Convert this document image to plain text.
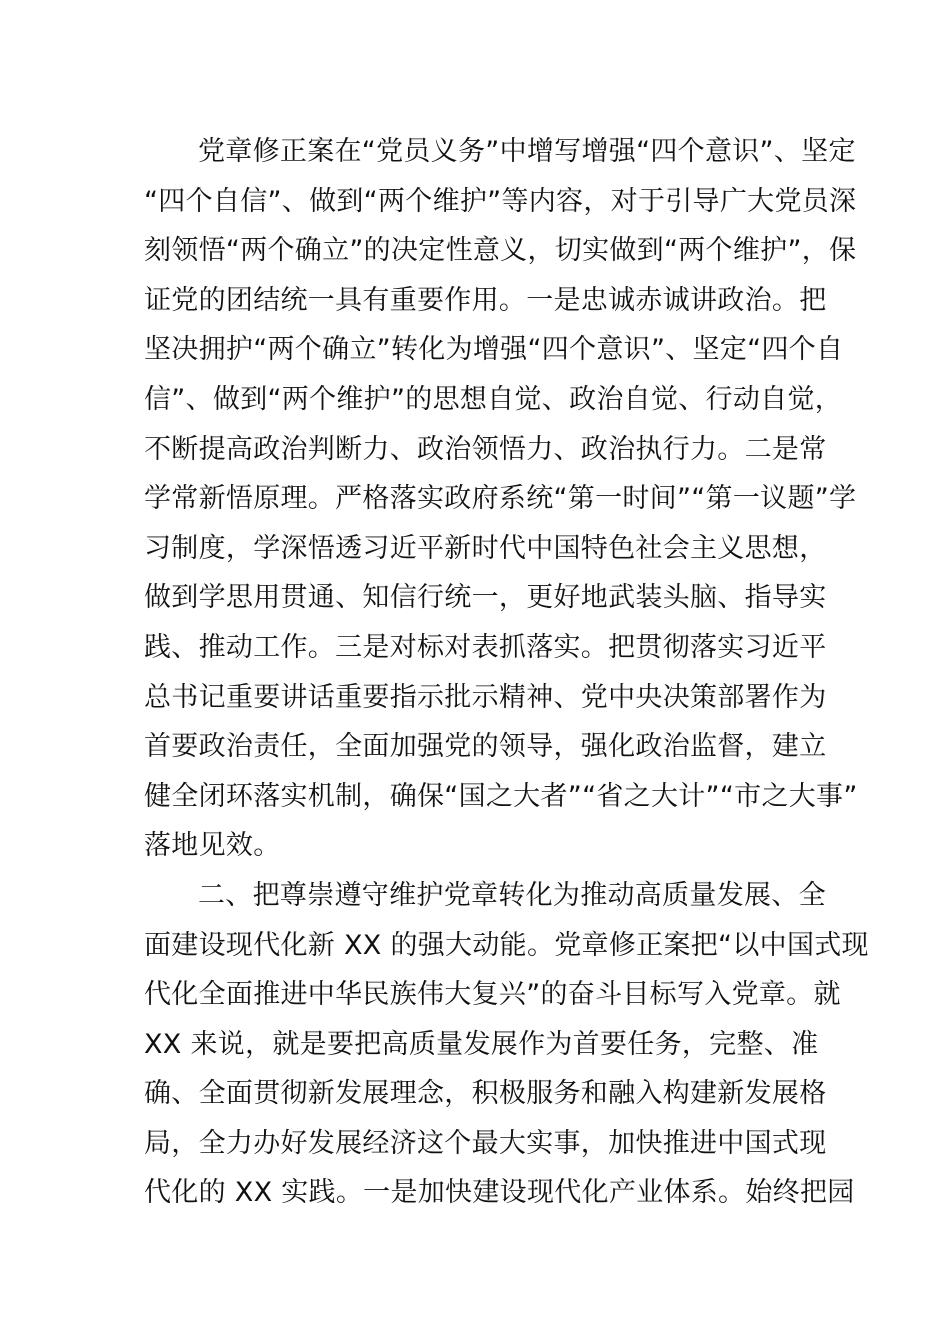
党章修正案在“党员义务”中增写增强“四个意识”、坚定
“四个自信”、做到“两个维护”等内容，对于引导广大党员深
刻领悟“两个确立”的决定性意义，切实做到“两个维护”，保
证党的团结统一具有重要作用。一是忠诚赤诚讲政治。把
坚决拥护“两个确立”转化为增强“四个意识”、坚定“四个自
信”、做到“两个维护”的思想自觉、政治自觉、行动自觉，
不断提高政治判断力、政治领悟力、政治执行力。二是常
学常新悟原理。严格落实政府系统“第一时间”“第一议题”学
习制度，学深悟透习近平新时代中国特色社会主义思想，
做到学思用贯通、知信行统一，更好地武装头脑、指导实
践、推动工作。三是对标对表抓落实。把贯彻落实习近平
总书记重要讲话重要指示批示精神、党中央决策部署作为
首要政治责任，全面加强党的领导，强化政治监督，建立
健全闭环落实机制，确保“国之大者”“省之大计”“市之大事”
落地见效。
二、把尊崇遵守维护党章转化为推动高质量发展、全
面建设现代化新 XX 的强大动能。党章修正案把“以中国式现
代化全面推进中华民族伟大复兴”的奋斗目标写入党章。就
XX 来说，就是要把高质量发展作为首要任务，完整、准
确、全面贯彻新发展理念，积极服务和融入构建新发展格
局，全力办好发展经济这个最大实事，加快推进中国式现
代化的 XX 实践。一是加快建设现代化产业体系。始终把园
